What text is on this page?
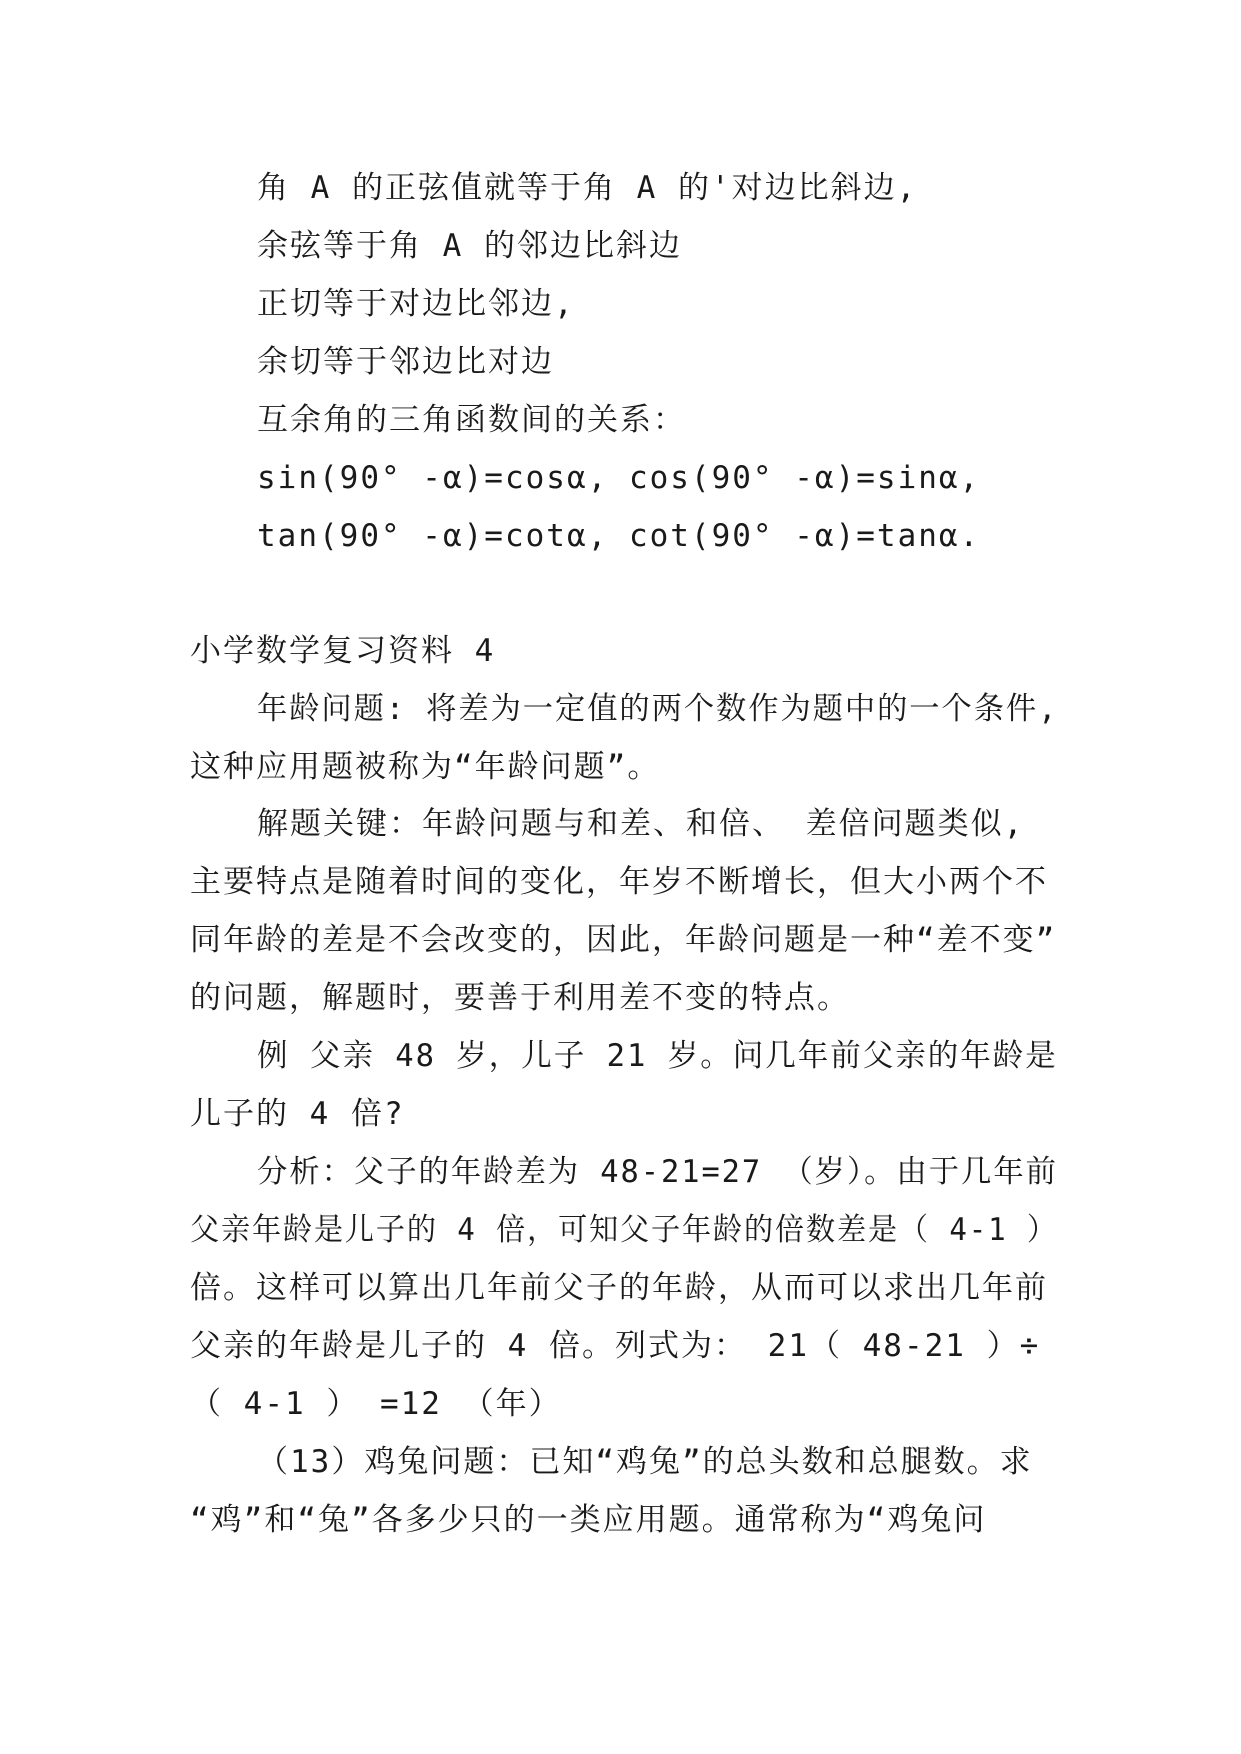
角 A 的正弦值就等于角 A 的'对边比斜边,
余弦等于角 A 的邻边比斜边
正切等于对边比邻边,
余切等于邻边比对边
互余角的三角函数间的关系：
sin(90° -α)=cosα, cos(90° -α)=sinα,
tan(90° -α)=cotα, cot(90° -α)=tanα.
小学数学复习资料 4
年龄问题: 将差为一定值的两个数作为题中的一个条件,
这种应用题被称为“年龄问题”。
解题关键：年龄问题与和差、和倍、 差倍问题类似,
主要特点是随着时间的变化，年岁不断增长，但大小两个不
同年龄的差是不会改变的，因此，年龄问题是一种“差不变”
的问题，解题时，要善于利用差不变的特点。
例 父亲 48 岁，儿子 21 岁。问几年前父亲的年龄是
儿子的 4 倍?
分析：父子的年龄差为 48-21=27 （岁）。由于几年前
父亲年龄是儿子的 4 倍，可知父子年龄的倍数差是（ 4-1 ）
倍。这样可以算出几年前父子的年龄，从而可以求出几年前
父亲的年龄是儿子的 4 倍。列式为： 21（ 48-21 ）÷
（ 4-1 ） =12 （年）
（13）鸡兔问题：已知“鸡兔”的总头数和总腿数。求
“鸡”和“兔”各多少只的一类应用题。通常称为“鸡兔问
